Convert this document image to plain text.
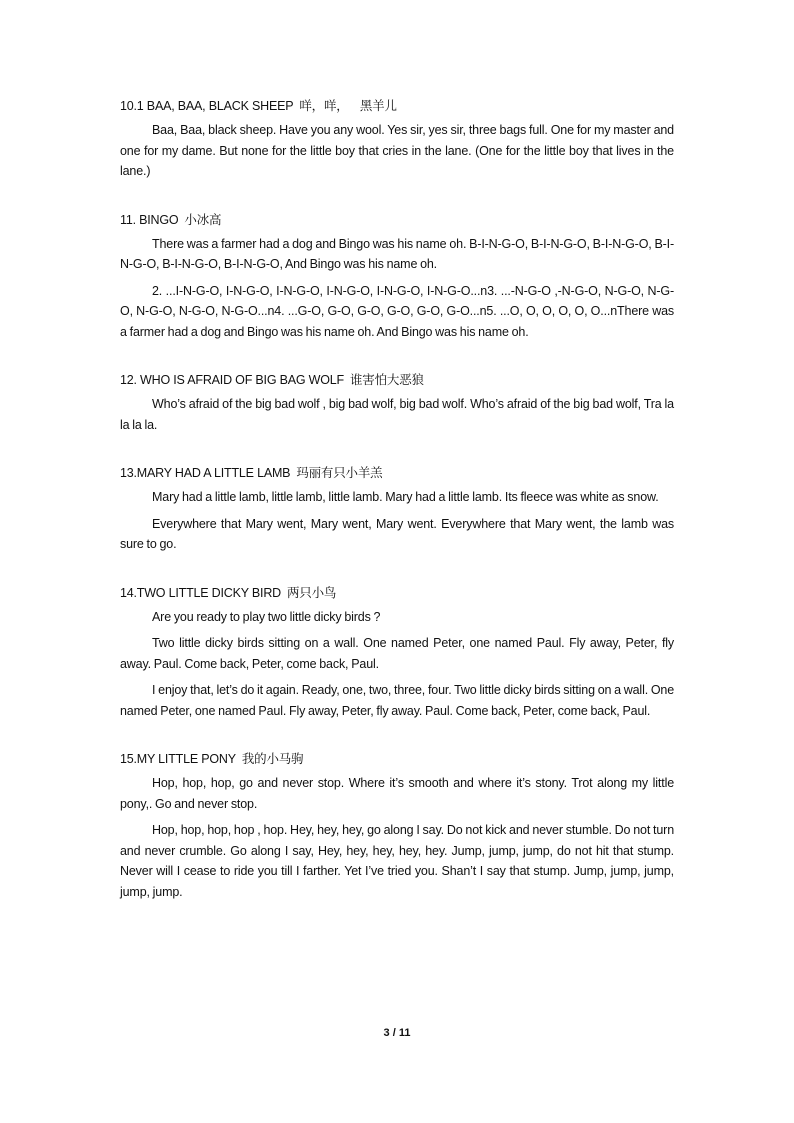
10.1 BAA, BAA, BLACK SHEEP 咩，咩，   黑羊儿

Baa, Baa, black sheep. Have you any wool. Yes sir, yes sir, three bags full. One for my master and one for my dame. But none for the little boy that cries in the lane. (One for the little boy that lives in the lane.)

11. BINGO 小冰高

There was a farmer had a dog and Bingo was his name oh. B-I-N-G-O, B-I-N-G-O, B-I-N-G-O, B-I-N-G-O, B-I-N-G-O, B-I-N-G-O, And Bingo was his name oh.

2. ...I-N-G-O, I-N-G-O, I-N-G-O, I-N-G-O, I-N-G-O, I-N-G-O...n3. ...-N-G-O ,-N-G-O, N-G-O, N-G-O, N-G-O, N-G-O, N-G-O...n4. ...G-O, G-O, G-O, G-O, G-O, G-O...n5. ...O, O, O, O, O, O...nThere was a farmer had a dog and Bingo was his name oh. And Bingo was his name oh.

12. WHO IS AFRAID OF BIG BAG WOLF 谁害怕大恶狼

Who’s afraid of the big bad wolf , big bad wolf, big bad wolf. Who’s afraid of the big bad wolf, Tra la la la la.

13.MARY HAD A LITTLE LAMB 玛丽有只小羊羔

Mary had a little lamb, little lamb, little lamb. Mary had a little lamb. Its fleece was white as snow.

Everywhere that Mary went, Mary went, Mary went. Everywhere that Mary went, the lamb was sure to go.

14.TWO LITTLE DICKY BIRD 两只小鸟

Are you ready to play two little dicky birds ?

Two little dicky birds sitting on a wall. One named Peter, one named Paul. Fly away, Peter, fly away. Paul. Come back, Peter, come back, Paul.

I enjoy that, let’s do it again. Ready, one, two, three, four. Two little dicky birds sitting on a wall. One named Peter, one named Paul. Fly away, Peter, fly away. Paul. Come back, Peter, come back, Paul.

15.MY LITTLE PONY 我的小马驹

Hop, hop, hop, go and never stop. Where it’s smooth and where it’s stony. Trot along my little pony,. Go and never stop.

Hop, hop, hop, hop , hop. Hey, hey, hey, go along I say. Do not kick and never stumble. Do not turn and never crumble. Go along I say, Hey, hey, hey, hey, hey. Jump, jump, jump, do not hit that stump. Never will I cease to ride you till I farther. Yet I’ve tried you. Shan’t I say that stump. Jump, jump, jump, jump, jump.

3 / 11
